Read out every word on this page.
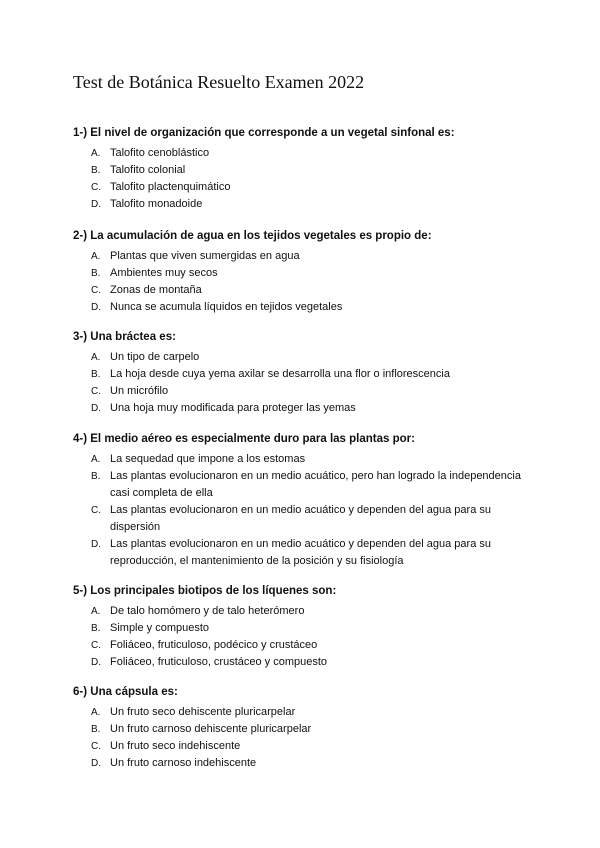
Test de Botánica Resuelto Examen 2022
1-) El nivel de organización que corresponde a un vegetal sinfonal es:
A. Talofito cenoblástico
B. Talofito colonial
C. Talofito plactenquimático
D. Talofito monadoide
2-) La acumulación de agua en los tejidos vegetales es propio de:
A. Plantas que viven sumergidas en agua
B. Ambientes muy secos
C. Zonas de montaña
D. Nunca se acumula líquidos en tejidos vegetales
3-) Una bráctea es:
A. Un tipo de carpelo
B. La hoja desde cuya yema axilar se desarrolla una flor o inflorescencia
C. Un micrófilo
D. Una hoja muy modificada para proteger las yemas
4-) El medio aéreo es especialmente duro para las plantas por:
A. La sequedad que impone a los estomas
B. Las plantas evolucionaron en un medio acuático, pero han logrado la independencia casi completa de ella
C. Las plantas evolucionaron en un medio acuático y dependen del agua para su dispersión
D. Las plantas evolucionaron en un medio acuático y dependen del agua para su reproducción, el mantenimiento de la posición y su fisiología
5-) Los principales biotipos de los líquenes son:
A. De talo homómero y de talo heterómero
B. Simple y compuesto
C. Foliáceo, fruticuloso, podécico y crustáceo
D. Foliáceo, fruticuloso, crustáceo y compuesto
6-) Una cápsula es:
A. Un fruto seco dehiscente pluricarpelar
B. Un fruto carnoso dehiscente pluricarpelar
C. Un fruto seco indehiscente
D. Un fruto carnoso indehiscente
